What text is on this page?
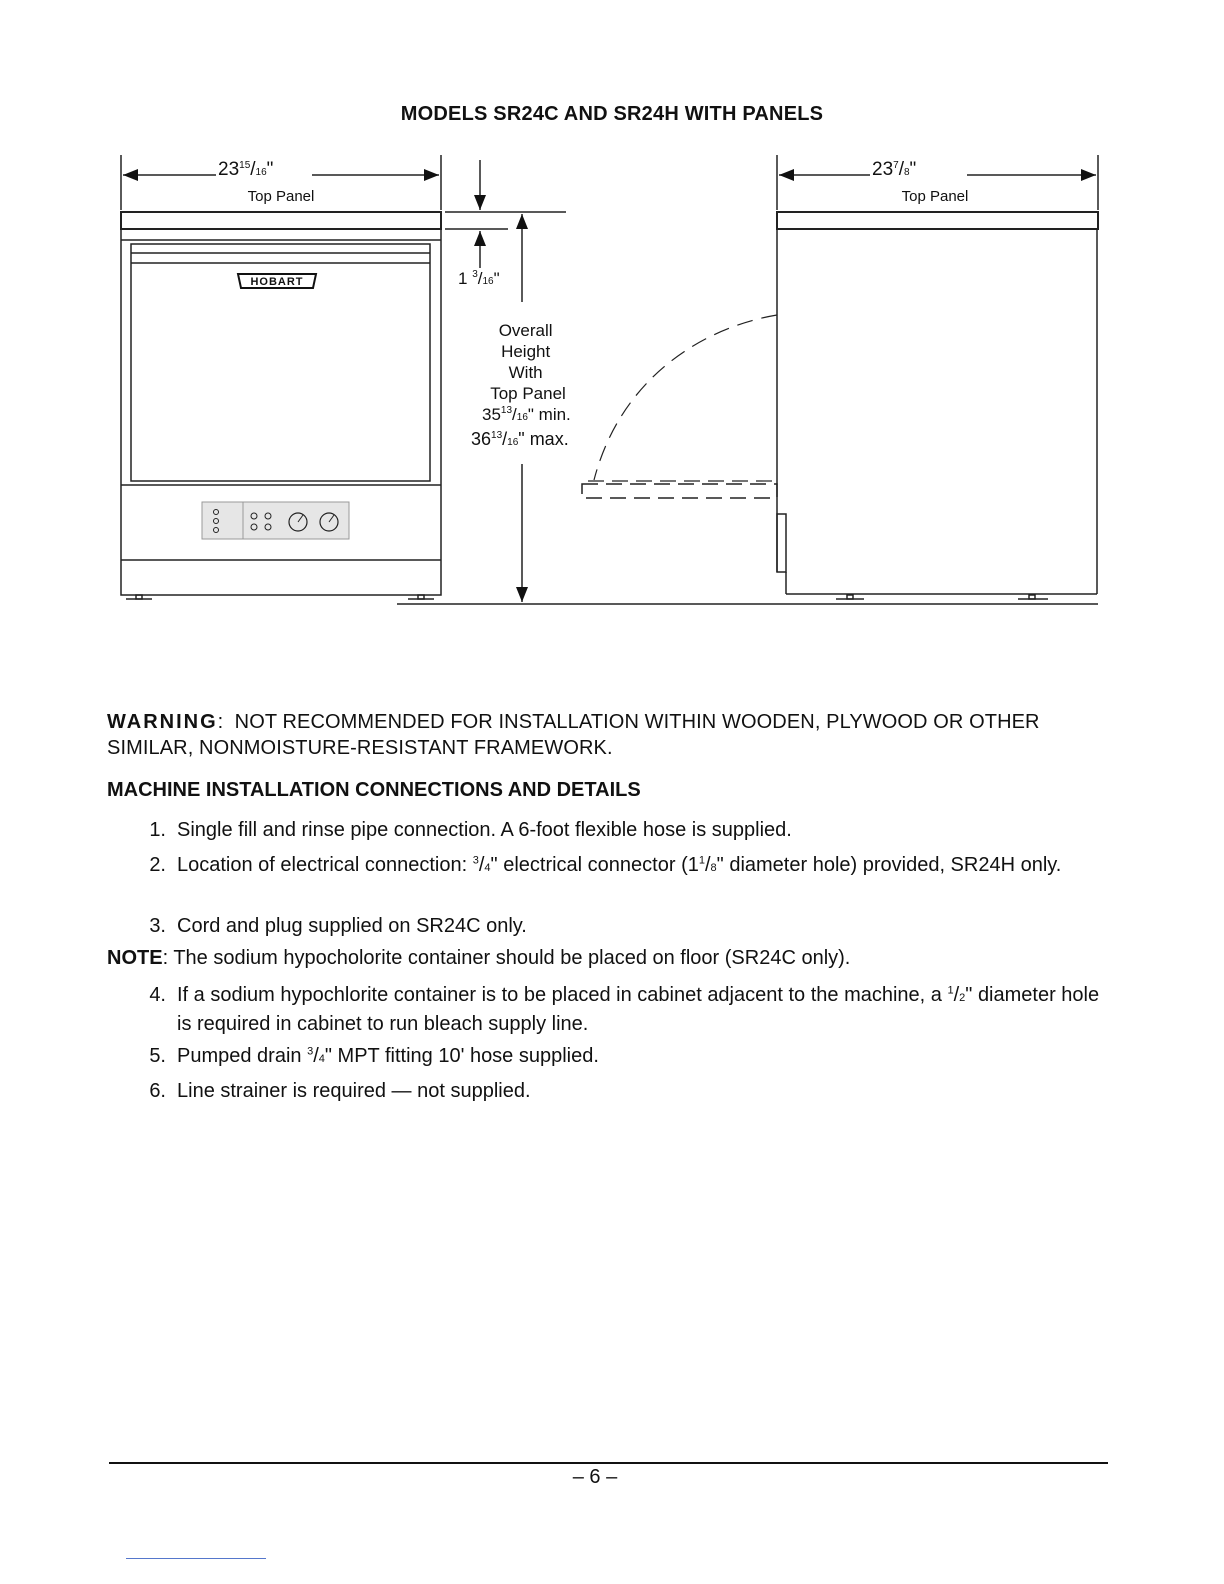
MODELS SR24C AND SR24H WITH PANELS
HOBART
$23^{15}/16$"
Top Panel
1 $^3$/16"
Overall Height With Top Panel
$35^{13}/16$" min.
$36^{13}/16$" max.
$23^7/8$"
Top Panel
WARNING:  NOT RECOMMENDED FOR INSTALLATION WITHIN WOODEN, PLYWOOD OR OTHER SIMILAR, NONMOISTURE-RESISTANT FRAMEWORK.
MACHINE INSTALLATION CONNECTIONS AND DETAILS
1. Single fill and rinse pipe connection. A 6-foot flexible hose is supplied.
2. Location of electrical connection: $^3$/4" electrical connector ($1^1/8$" diameter hole) provided, SR24H only.
3. Cord and plug supplied on SR24C only.
NOTE: The sodium hypocholorite container should be placed on floor (SR24C only).
4. If a sodium hypochlorite container is to be placed in cabinet adjacent to the machine, a $^1$/2" diameter hole is required in cabinet to run bleach supply line.
5. Pumped drain $^3$/4" MPT fitting 10' hose supplied.
6. Line strainer is required — not supplied.
– 6 –
